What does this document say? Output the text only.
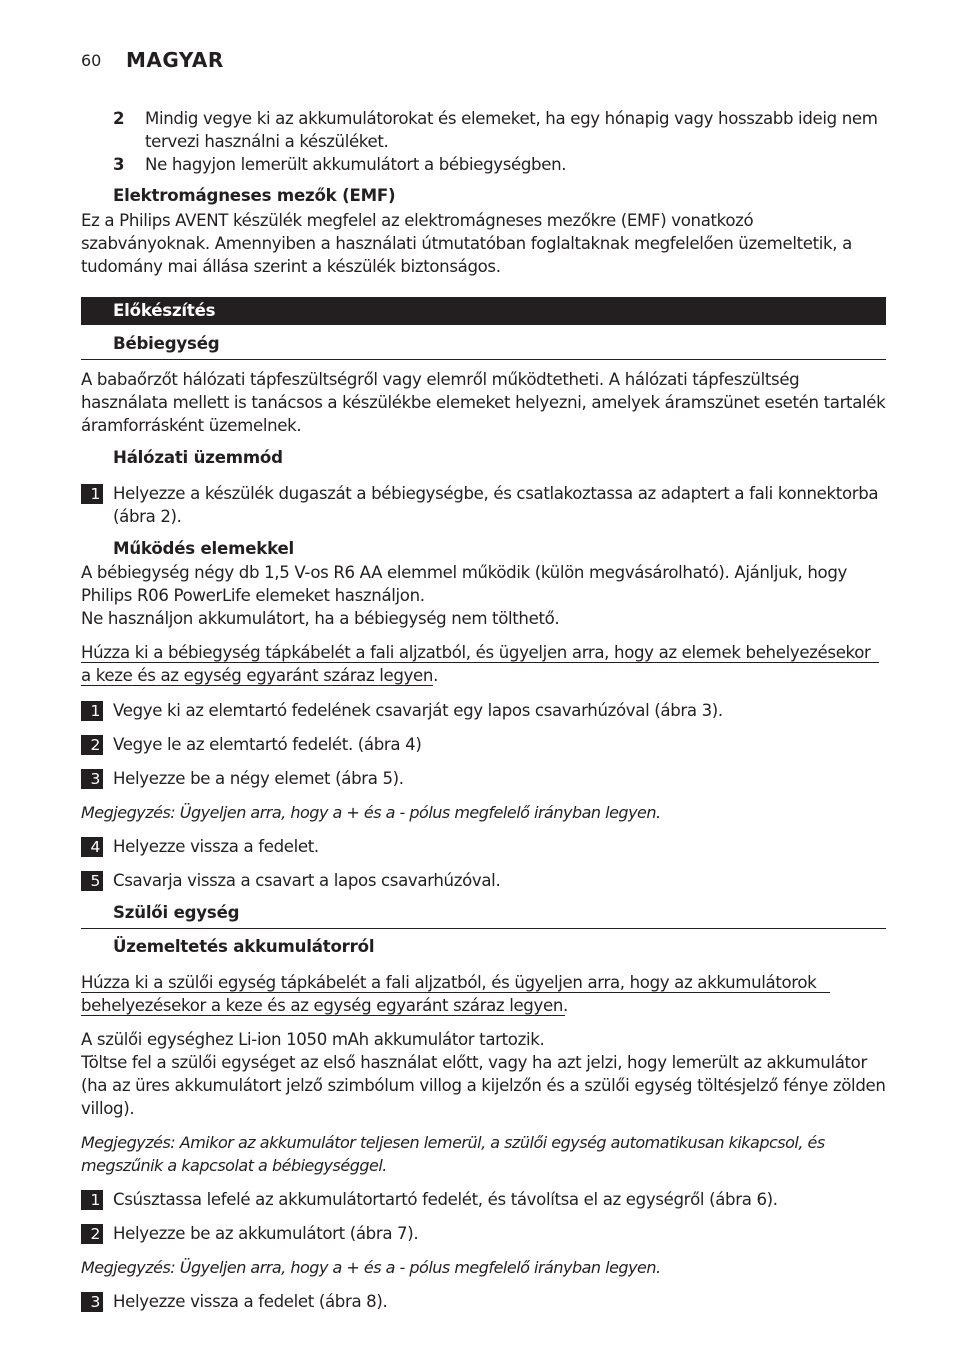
60 MAGYAR
2 Mindig vegye ki az akkumulátorokat és elemeket, ha egy hónapig vagy hosszabb ideig nem tervezi használni a készüléket.
3 Ne hagyjon lemerült akkumulátort a bébiegységben.
Elektromágneses mezők (EMF)
Ez a Philips AVENT készülék megfelel az elektromágneses mezőkre (EMF) vonatkozó szabványoknak. Amennyiben a használati útmutatóban foglaltaknak megfelelően üzemeltetik, a tudomány mai állása szerint a készülék biztonságos.
Előkészítés
Bébiegység
A babaőrzőt hálózati tápfeszültségről vagy elemről működtetheti. A hálózati tápfeszültség használata mellett is tanácsos a készülékbe elemeket helyezni, amelyek áramszünet esetén tartalék áramforrásként üzemelnek.
Hálózati üzemmód
1 Helyezze a készülék dugaszát a bébiegységbe, és csatlakoztassa az adaptert a fali konnektorba (ábra 2).
Működés elemekkel
A bébiegység négy db 1,5 V-os R6 AA elemmel működik (külön megvásárolható). Ajánljuk, hogy Philips R06 PowerLife elemeket használjon.
Ne használjon akkumulátort, ha a bébiegység nem tölthető.
Húzza ki a bébiegység tápkábelét a fali aljzatból, és ügyeljen arra, hogy az elemek behelyezésekor
a keze és az egység egyaránt száraz legyen.
1 Vegye ki az elemtartó fedelének csavarját egy lapos csavarhúzóval (ábra 3).
2 Vegye le az elemtartó fedelét. (ábra 4)
3 Helyezze be a négy elemet (ábra 5).
Megjegyzés: Ügyeljen arra, hogy a + és a - pólus megfelelő irányban legyen.
4 Helyezze vissza a fedelet.
5 Csavarja vissza a csavart a lapos csavarhúzóval.
Szülői egység
Üzemeltetés akkumulátorról
Húzza ki a szülői egység tápkábelét a fali aljzatból, és ügyeljen arra, hogy az akkumulátorok
behelyezésekor a keze és az egység egyaránt száraz legyen.
A szülői egységhez Li-ion 1050 mAh akkumulátor tartozik.
Töltse fel a szülői egységet az első használat előtt, vagy ha azt jelzi, hogy lemerült az akkumulátor (ha az üres akkumulátort jelző szimbólum villog a kijelzőn és a szülői egység töltésjelző fénye zölden villog).
Megjegyzés: Amikor az akkumulátor teljesen lemerül, a szülői egység automatikusan kikapcsol, és megszűnik a kapcsolat a bébiegységgel.
1 Csúsztassa lefelé az akkumulátortartó fedelét, és távolítsa el az egységről (ábra 6).
2 Helyezze be az akkumulátort (ábra 7).
Megjegyzés: Ügyeljen arra, hogy a + és a - pólus megfelelő irányban legyen.
3 Helyezze vissza a fedelet (ábra 8).
